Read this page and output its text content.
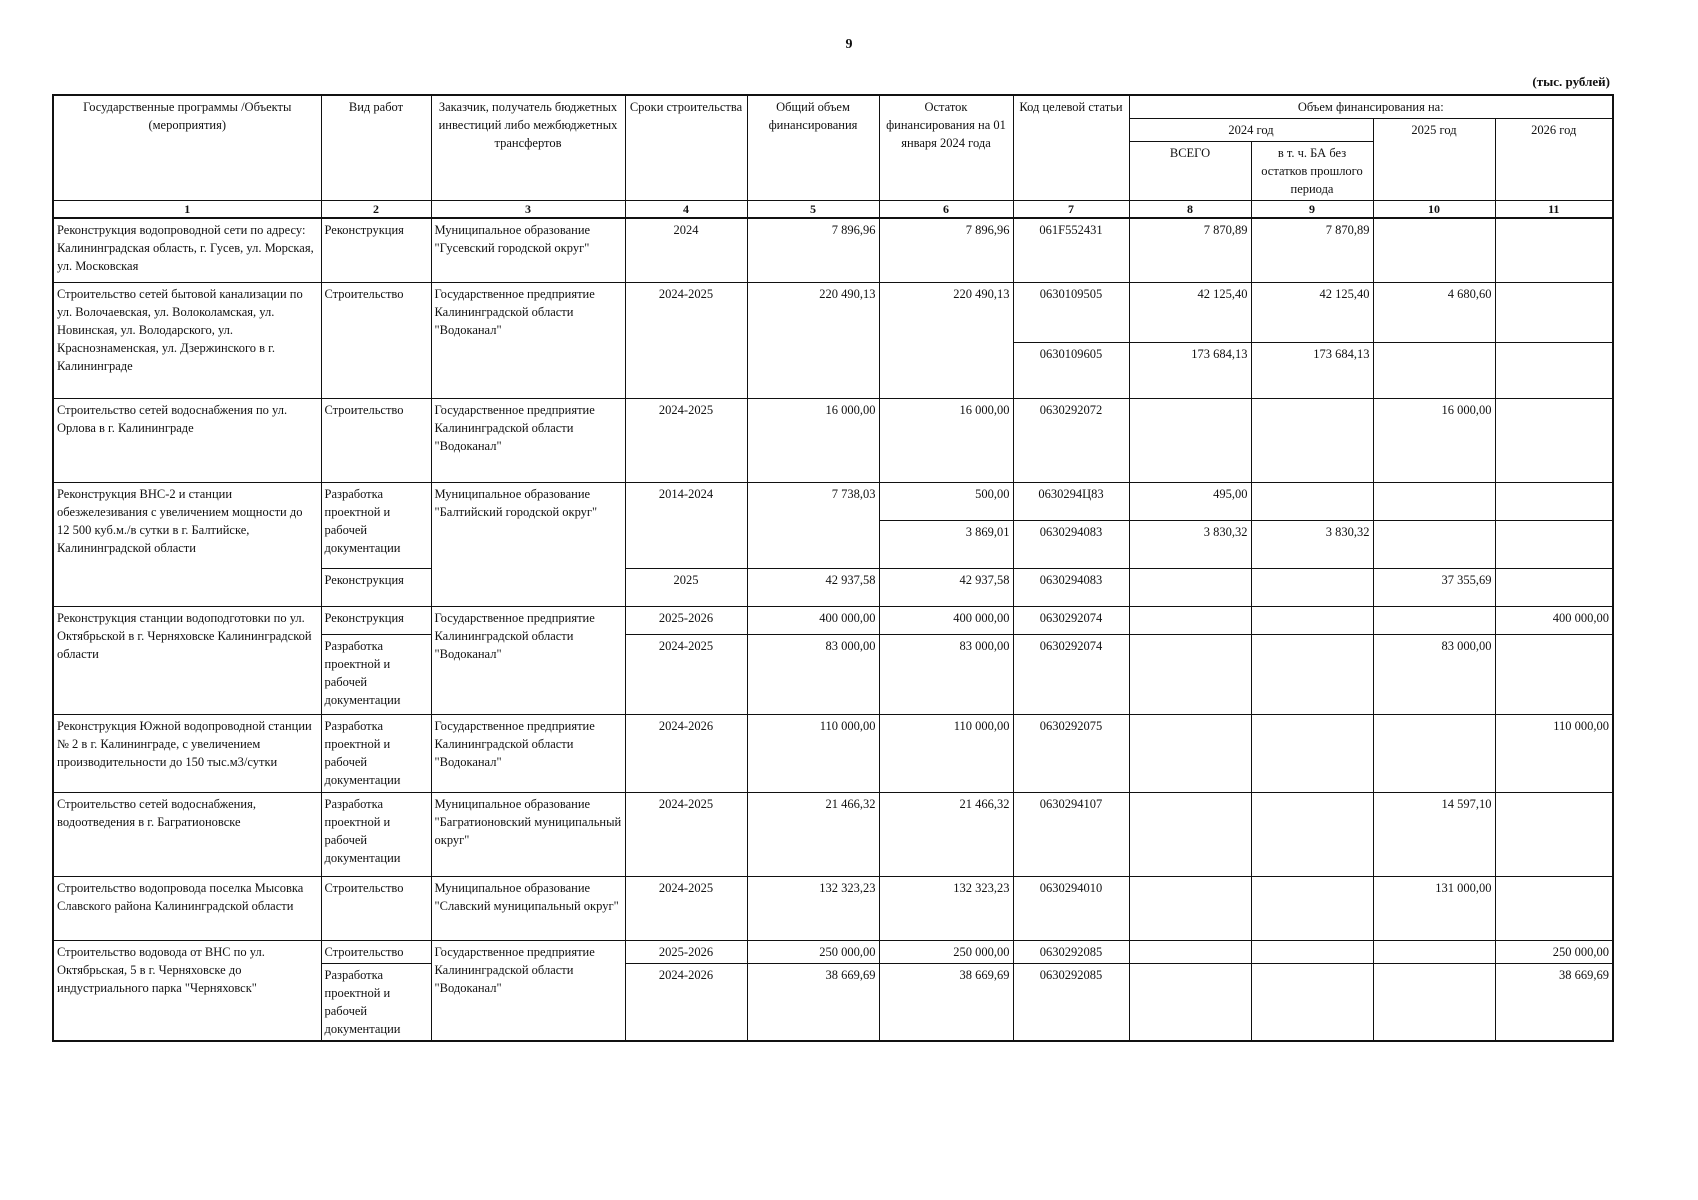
9
(тыс. рублей)
Государственные программы /Объекты (мероприятия)	Вид работ	Заказчик, получатель бюджетных инвестиций либо межбюджетных трансфертов	Сроки строительства	Общий объем финансирования	Остаток финансирования на 01 января 2024 года	Код целевой статьи	Объем финансирования на:			
							2024 год		2025 год	2026 год
							ВСЕГО	в т. ч. БА без остатков прошлого периода		
1	2	3	4	5	6	7	8	9	10	11
Реконструкция водопроводной сети по адресу: Калининградская область, г. Гусев, ул. Морская, ул. Московская	Реконструкция	Муниципальное образование "Гусевский городской округ"	2024	7 896,96	7 896,96	061F552431	7 870,89	7 870,89		
Строительство сетей бытовой канализации по ул. Волочаевская, ул. Волоколамская, ул. Новинская, ул. Володарского, ул. Краснознаменская, ул. Дзержинского в г. Калининграде	Строительство	Государственное предприятие Калининградской области "Водоканал"	2024-2025	220 490,13	220 490,13	0630109505	42 125,40	42 125,40	4 680,60	
						0630109605	173 684,13	173 684,13		
Строительство сетей водоснабжения по ул. Орлова в г. Калининграде	Строительство	Государственное предприятие Калининградской области "Водоканал"	2024-2025	16 000,00	16 000,00	0630292072			16 000,00	
Реконструкция ВНС-2 и станции обезжелезивания с увеличением мощности до 12 500 куб.м./в сутки в г. Балтийске, Калининградской области	Разработка проектной и рабочей документации	Муниципальное образование "Балтийский городской округ"	2014-2024	7 738,03	500,00	0630294Ц83	495,00			
					3 869,01	0630294083	3 830,32	3 830,32		
	Реконструкция		2025	42 937,58	42 937,58	0630294083			37 355,69	
Реконструкция станции водоподготовки по ул. Октябрьской в г. Черняховске Калининградской области	Реконструкция	Государственное предприятие Калининградской области "Водоканал"	2025-2026	400 000,00	400 000,00	0630292074				400 000,00
	Разработка проектной и рабочей документации		2024-2025	83 000,00	83 000,00	0630292074			83 000,00	
Реконструкция Южной водопроводной станции № 2 в г. Калининграде, с увеличением производительности до 150 тыс.м3/сутки	Разработка проектной и рабочей документации	Государственное предприятие Калининградской области "Водоканал"	2024-2026	110 000,00	110 000,00	0630292075				110 000,00
Строительство сетей водоснабжения, водоотведения в г. Багратионовске	Разработка проектной и рабочей документации	Муниципальное образование "Багратионовский муниципальный округ"	2024-2025	21 466,32	21 466,32	0630294107			14 597,10	
Строительство водопровода поселка Мысовка Славского района Калининградской области	Строительство	Муниципальное образование "Славский муниципальный округ"	2024-2025	132 323,23	132 323,23	0630294010			131 000,00	
Строительство водовода от ВНС по ул. Октябрьская, 5 в г. Черняховске до индустриального парка "Черняховск"	Строительство	Государственное предприятие Калининградской области "Водоканал"	2025-2026	250 000,00	250 000,00	0630292085				250 000,00
	Разработка проектной и рабочей документации		2024-2026	38 669,69	38 669,69	0630292085				38 669,69
